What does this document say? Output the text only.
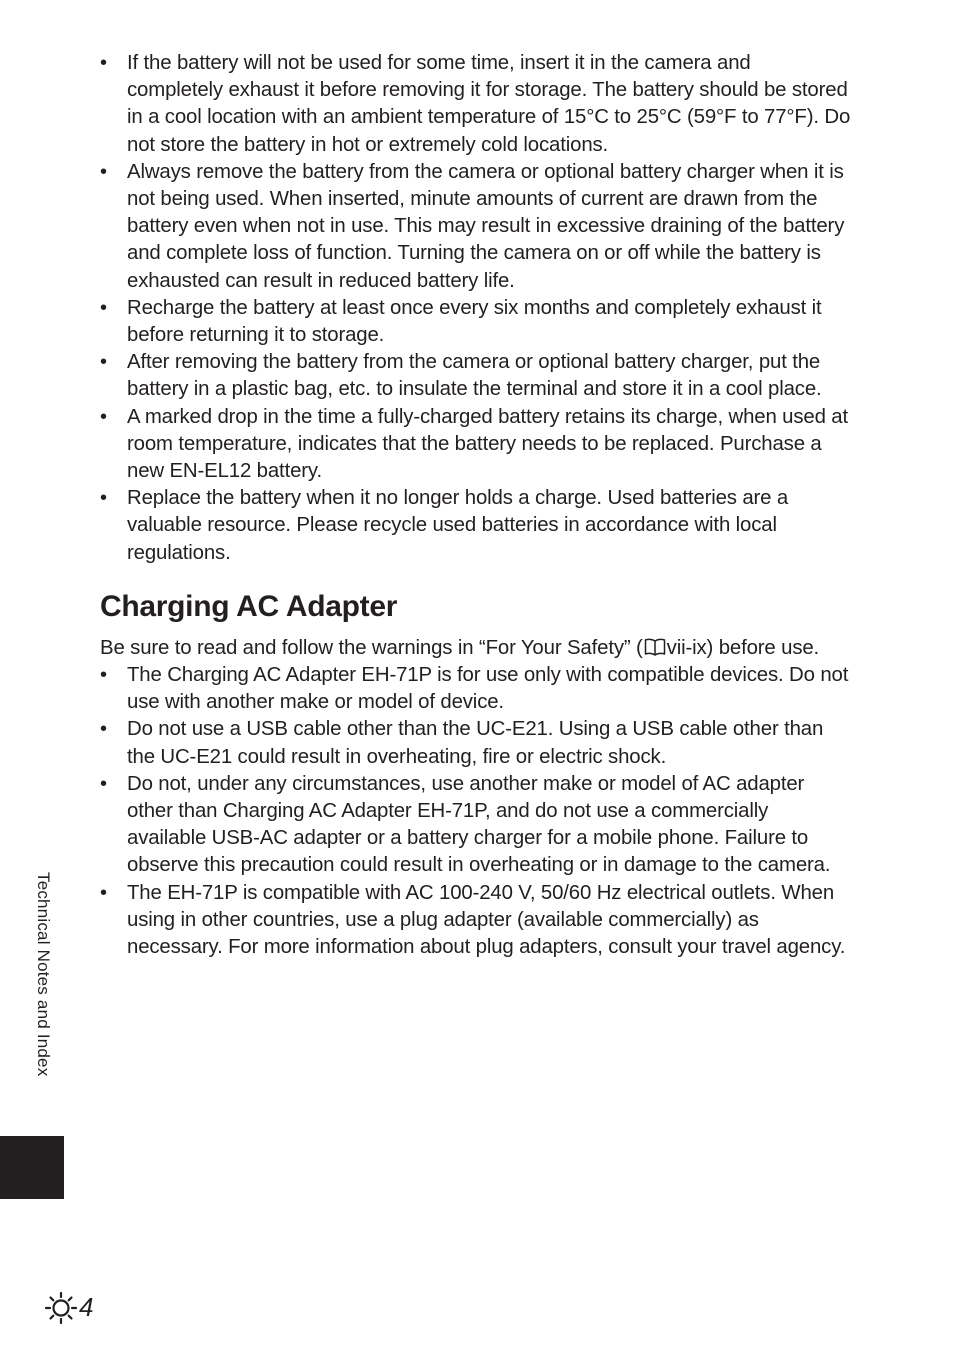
• If the battery will not be used for some time, insert it in the camera and completely exhaust it before removing it for storage. The battery should be stored in a cool location with an ambient temperature of 15°C to 25°C (59°F to 77°F). Do not store the battery in hot or extremely cold locations.
• Always remove the battery from the camera or optional battery charger when it is not being used. When inserted, minute amounts of current are drawn from the battery even when not in use. This may result in excessive draining of the battery and complete loss of function. Turning the camera on or off while the battery is exhausted can result in reduced battery life.
• Recharge the battery at least once every six months and completely exhaust it before returning it to storage.
• After removing the battery from the camera or optional battery charger, put the battery in a plastic bag, etc. to insulate the terminal and store it in a cool place.
• A marked drop in the time a fully-charged battery retains its charge, when used at room temperature, indicates that the battery needs to be replaced. Purchase a new EN-EL12 battery.
• Replace the battery when it no longer holds a charge. Used batteries are a valuable resource. Please recycle used batteries in accordance with local regulations.
Charging AC Adapter

Be sure to read and follow the warnings in “For Your Safety” ( vii-ix) before use.

• The Charging AC Adapter EH-71P is for use only with compatible devices. Do not use with another make or model of device.
• Do not use a USB cable other than the UC-E21. Using a USB cable other than the UC-E21 could result in overheating, fire or electric shock.
• Do not, under any circumstances, use another make or model of AC adapter other than Charging AC Adapter EH-71P, and do not use a commercially available USB-AC adapter or a battery charger for a mobile phone. Failure to observe this precaution could result in overheating or in damage to the camera.
• The EH-71P is compatible with AC 100-240 V, 50/60 Hz electrical outlets. When using in other countries, use a plug adapter (available commercially) as necessary. For more information about plug adapters, consult your travel agency.
Technical Notes and Index
4
